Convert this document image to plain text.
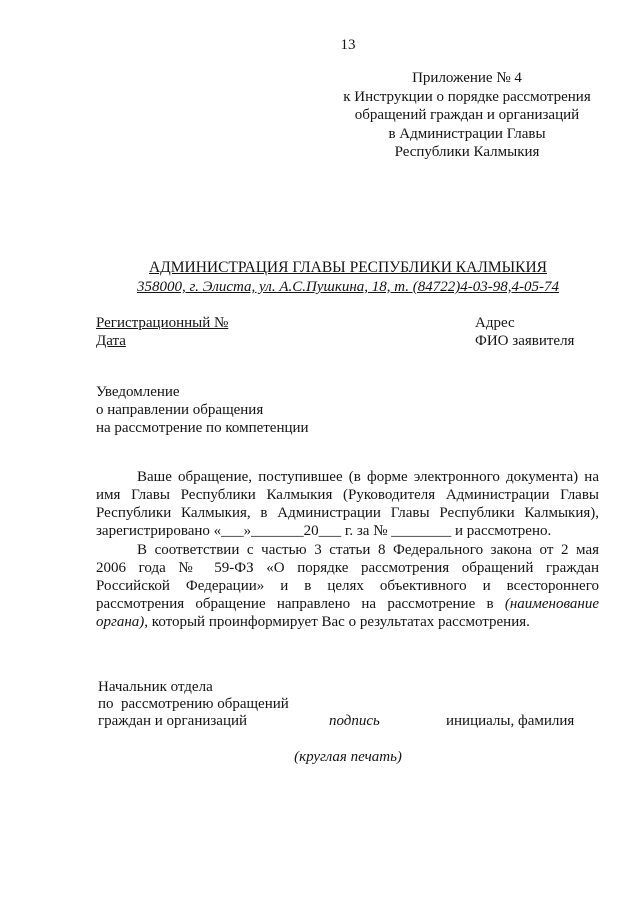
13
Приложение № 4
к Инструкции о порядке рассмотрения
обращений граждан и организаций
в Администрации Главы
Республики Калмыкия
АДМИНИСТРАЦИЯ ГЛАВЫ РЕСПУБЛИКИ КАЛМЫКИЯ
358000, г. Элиста, ул. А.С.Пушкина, 18, т. (84722)4-03-98,4-05-74
Регистрационный №
Дата
Адрес
ФИО заявителя
Уведомление
о направлении обращения
на рассмотрение по компетенции
Ваше обращение, поступившее (в форме электронного документа) на
имя Главы Республики Калмыкия (Руководителя Администрации Главы
Республики Калмыкия, в Администрации Главы Республики Калмыкия),
зарегистрировано «___»_______20___ г. за № ________ и рассмотрено.
В соответствии с частью 3 статьи 8 Федерального закона от 2 мая
2006 года № 59-ФЗ «О порядке рассмотрения обращений граждан
Российской Федерации» и в целях объективного и всестороннего
рассмотрения обращение направлено на рассмотрение в (наименование
органа), который проинформирует Вас о результатах рассмотрения.
Начальник отдела
по  рассмотрению обращений
граждан и организаций	подпись	инициалы, фамилия
(круглая печать)
